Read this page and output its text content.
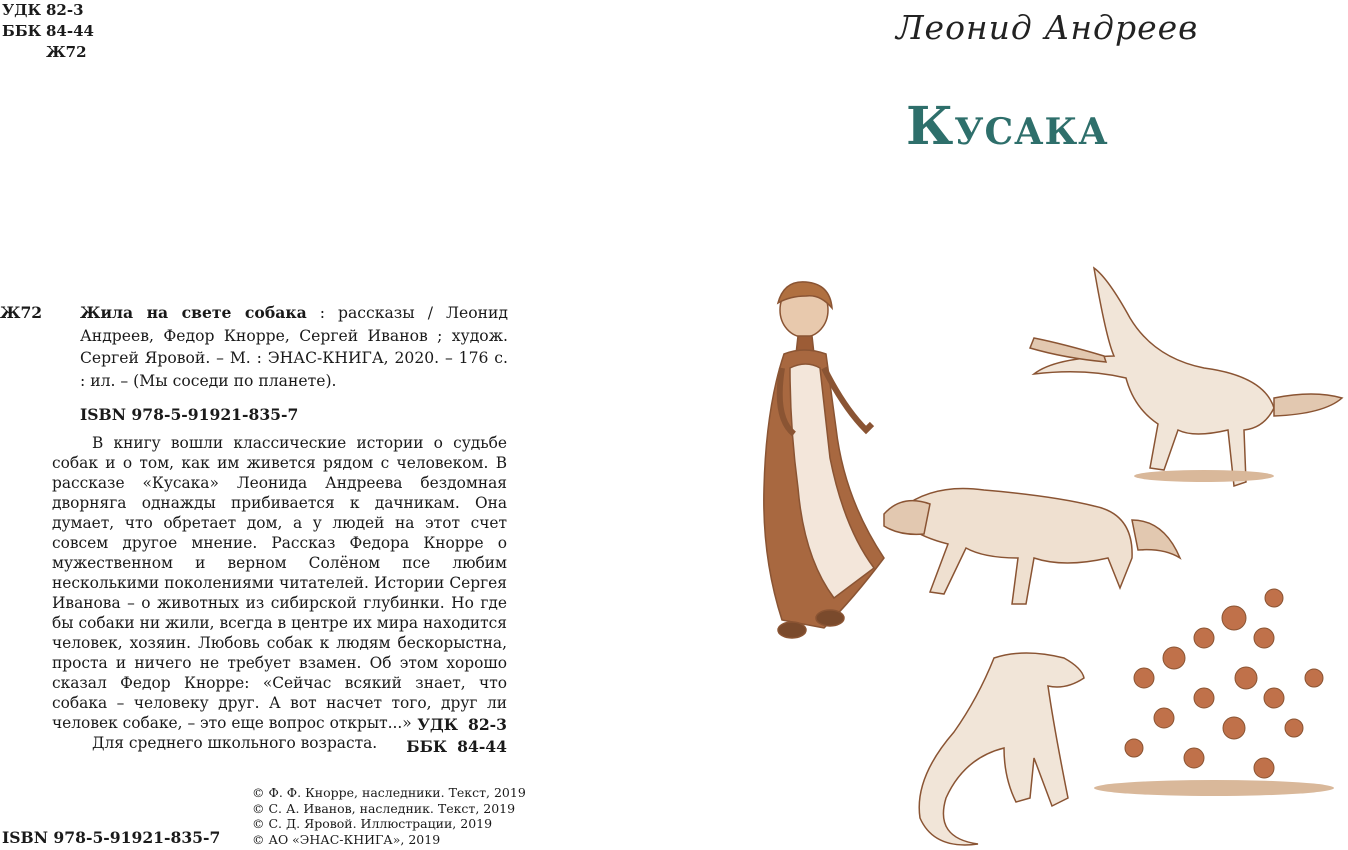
УДК 82-3
ББК 84-44
Ж72
Ж72	Жила на свете собака : рассказы / Леонид Андреев, Федор Кнорре, Сергей Иванов ; худож. Сергей Яровой. – М. : ЭНАС-КНИГА, 2020. – 176 с. : ил. – (Мы соседи по планете).
ISBN 978-5-91921-835-7

В книгу вошли классические истории о судьбе собак и о том, как им живется рядом с человеком. В рассказе «Кусака» Леонида Андреева бездомная дворняга однажды прибивается к дачникам. Она думает, что обретает дом, а у людей на этот счет совсем другое мнение. Рассказ Федора Кнорре о мужественном и верном Солёном псе любим несколькими поколениями читателей. Истории Сергея Иванова – о животных из сибирской глубинки. Но где бы собаки ни жили, всегда в центре их мира находится человек, хозяин. Любовь собак к людям бескорыстна, проста и ничего не требует взамен. Об этом хорошо сказал Федор Кнорре: «Сейчас всякий знает, что собака – человеку друг. А вот насчет того, друг ли человек собаке, – это еще вопрос открыт...»

Для среднего школьного возраста.

УДК 82-3
ББК 84-44
© Ф. Ф. Кнорре, наследники. Текст, 2019
© С. А. Иванов, наследник. Текст, 2019
© С. Д. Яровой. Иллюстрации, 2019
© АО «ЭНАС-КНИГА», 2019
ISBN 978-5-91921-835-7
Леонид Андреев
Кусака
